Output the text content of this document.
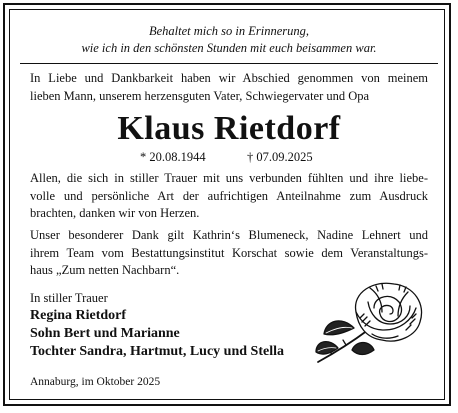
Behaltet mich so in Erinnerung,
wie ich in den schönsten Stunden mit euch beisammen war.
In Liebe und Dankbarkeit haben wir Abschied genommen von meinem
lieben Mann, unserem herzensguten Vater, Schwiegervater und Opa
Klaus Rietdorf
* 20.08.1944	† 07.09.2025
Allen, die sich in stiller Trauer mit uns verbunden fühlten und ihre liebe-
volle und persönliche Art der aufrichtigen Anteilnahme zum Ausdruck
brachten, danken wir von Herzen.
Unser besonderer Dank gilt Kathrin‘s Blumeneck, Nadine Lehnert und
ihrem Team vom Bestattungsinstitut Korschat sowie dem Veranstaltungs-
haus „Zum netten Nachbarn“.
In stiller Trauer
Regina Rietdorf
Sohn Bert und Marianne
Tochter Sandra, Hartmut, Lucy und Stella
Annaburg, im Oktober 2025
